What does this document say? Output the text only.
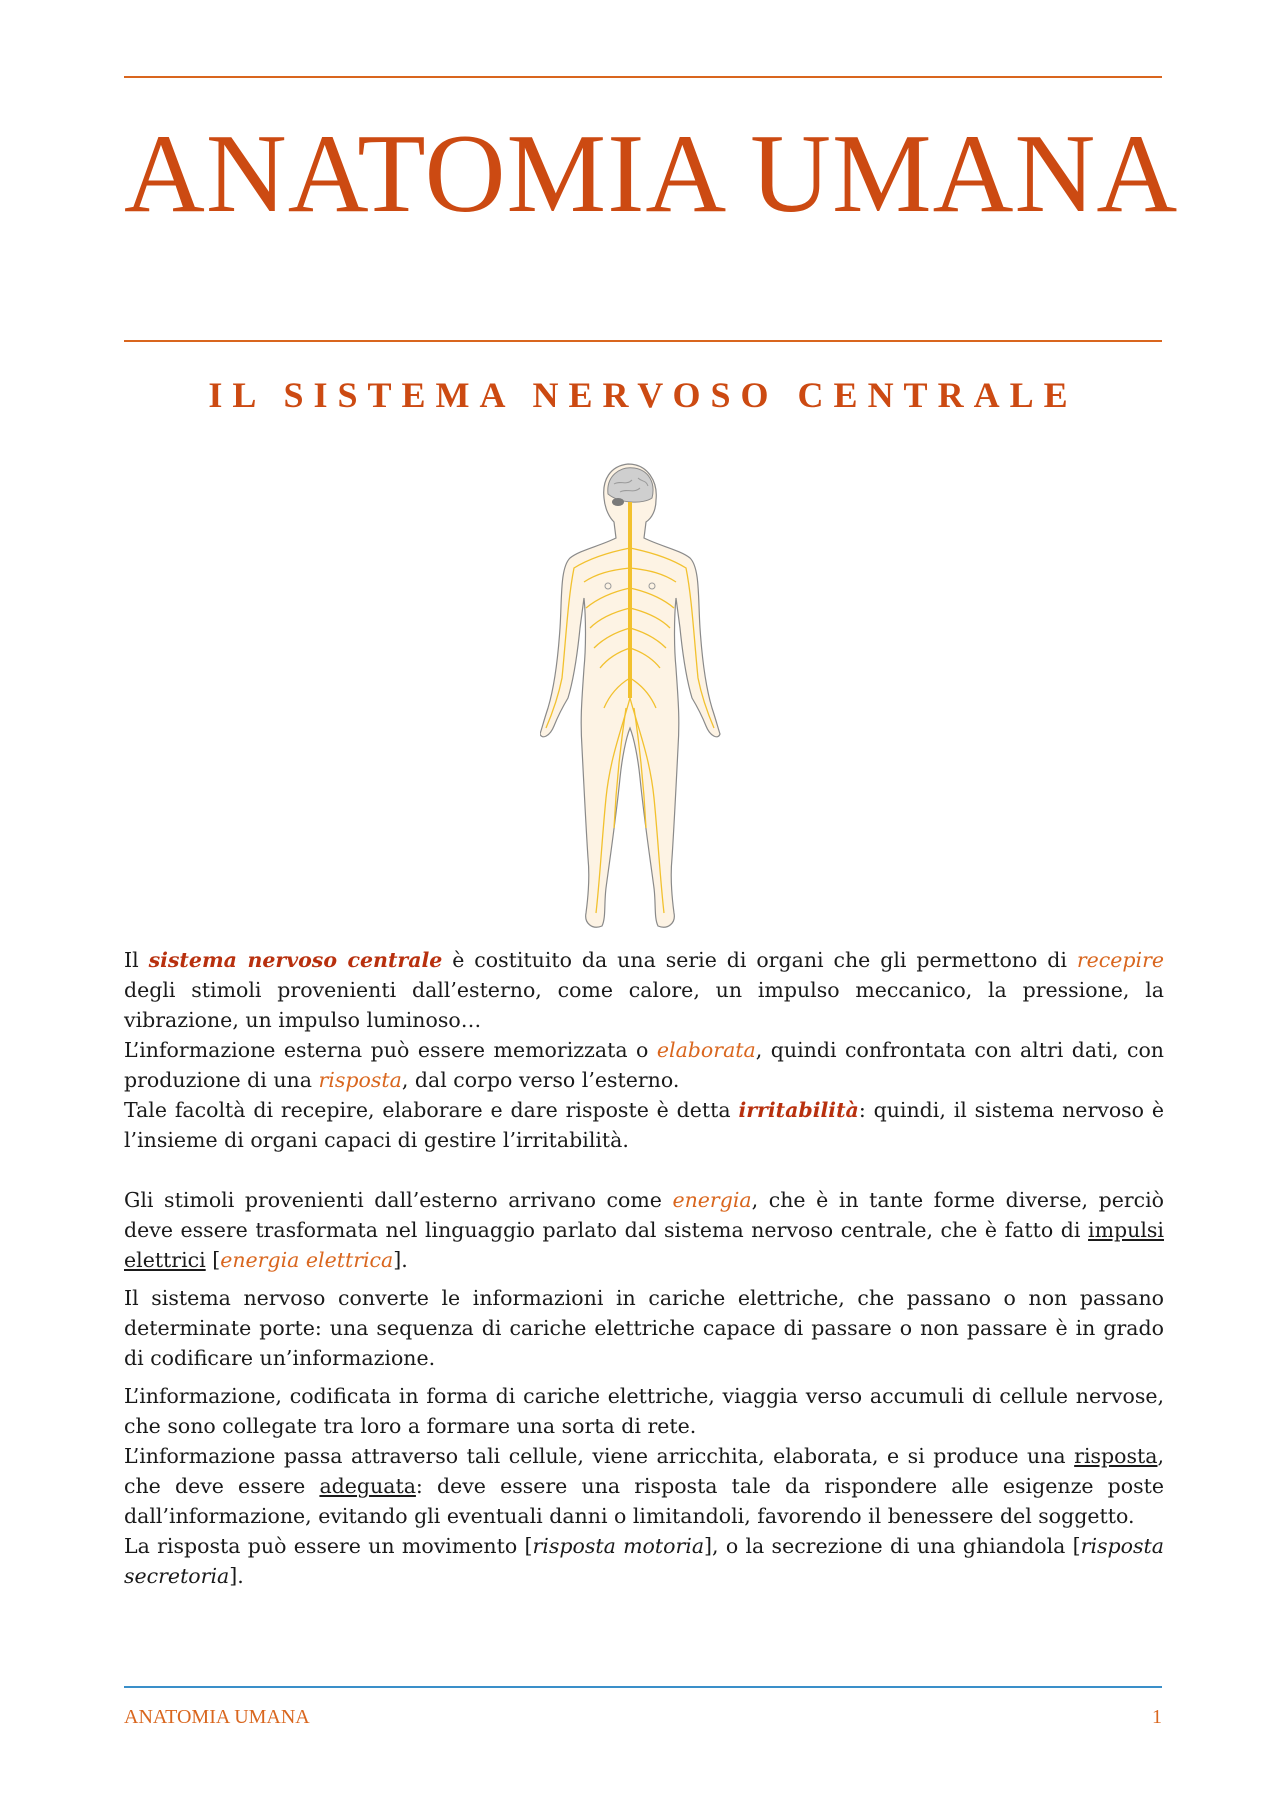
ANATOMIA UMANA
IL SISTEMA NERVOSO CENTRALE

Il sistema nervoso centrale è costituito da una serie di organi che gli permettono di recepire degli stimoli provenienti dall’esterno, come calore, un impulso meccanico, la pressione, la vibrazione, un impulso luminoso…

L’informazione esterna può essere memorizzata o elaborata, quindi confrontata con altri dati, con produzione di una risposta, dal corpo verso l’esterno.

Tale facoltà di recepire, elaborare e dare risposte è detta irritabilità: quindi, il sistema nervoso è l’insieme di organi capaci di gestire l’irritabilità.

Gli stimoli provenienti dall’esterno arrivano come energia, che è in tante forme diverse, perciò deve essere trasformata nel linguaggio parlato dal sistema nervoso centrale, che è fatto di impulsi elettrici [energia elettrica].

Il sistema nervoso converte le informazioni in cariche elettriche, che passano o non passano determinate porte: una sequenza di cariche elettriche capace di passare o non passare è in grado di codificare un’informazione.

L’informazione, codificata in forma di cariche elettriche, viaggia verso accumuli di cellule nervose, che sono collegate tra loro a formare una sorta di rete.

L’informazione passa attraverso tali cellule, viene arricchita, elaborata, e si produce una risposta, che deve essere adeguata: deve essere una risposta tale da rispondere alle esigenze poste dall’informazione, evitando gli eventuali danni o limitandoli, favorendo il benessere del soggetto.

La risposta può essere un movimento [risposta motoria], o la secrezione di una ghiandola [risposta secretoria].

ANATOMIA UMANA	1
